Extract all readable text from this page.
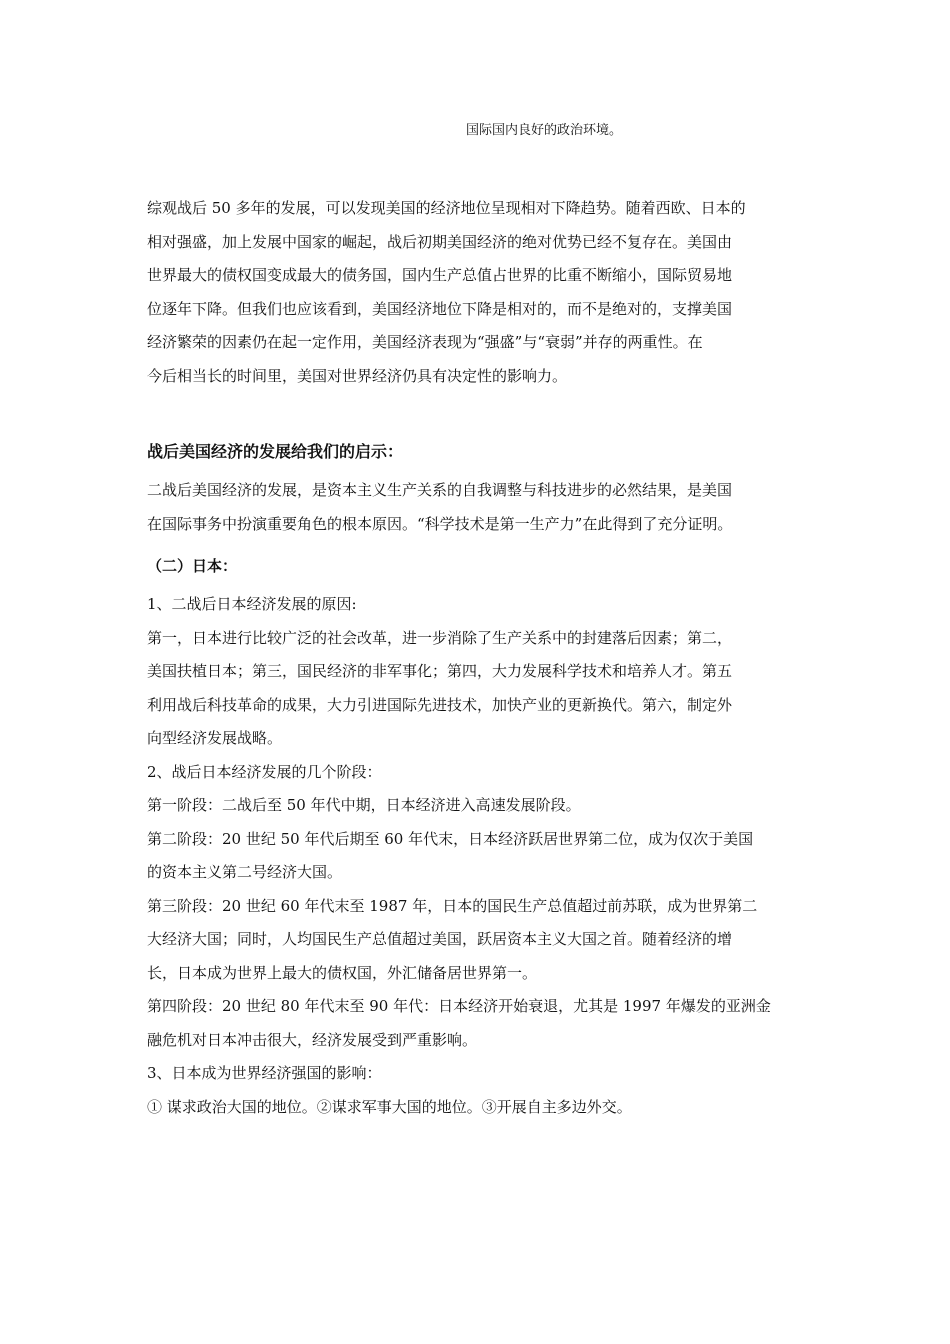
国际国内良好的政治环境。

综观战后 50 多年的发展，可以发现美国的经济地位呈现相对下降趋势。随着西欧、日本的
相对强盛，加上发展中国家的崛起，战后初期美国经济的绝对优势已经不复存在。美国由
世界最大的债权国变成最大的债务国，国内生产总值占世界的比重不断缩小，国际贸易地
位逐年下降。但我们也应该看到，美国经济地位下降是相对的，而不是绝对的，支撑美国
经济繁荣的因素仍在起一定作用，美国经济表现为“强盛”与“衰弱”并存的两重性。在
今后相当长的时间里，美国对世界经济仍具有决定性的影响力。

战后美国经济的发展给我们的启示：

二战后美国经济的发展，是资本主义生产关系的自我调整与科技进步的必然结果，是美国
在国际事务中扮演重要角色的根本原因。“科学技术是第一生产力”在此得到了充分证明。

（二）日本：

1、二战后日本经济发展的原因:

第一，日本进行比较广泛的社会改革，进一步消除了生产关系中的封建落后因素；第二，
美国扶植日本；第三，国民经济的非军事化；第四，大力发展科学技术和培养人才。第五
利用战后科技革命的成果，大力引进国际先进技术，加快产业的更新换代。第六，制定外
向型经济发展战略。

2、战后日本经济发展的几个阶段：

第一阶段：二战后至 50 年代中期，日本经济进入高速发展阶段。

第二阶段：20 世纪 50 年代后期至 60 年代末，日本经济跃居世界第二位，成为仅次于美国
的资本主义第二号经济大国。

第三阶段：20 世纪 60 年代末至 1987 年，日本的国民生产总值超过前苏联，成为世界第二
大经济大国；同时，人均国民生产总值超过美国，跃居资本主义大国之首。随着经济的增
长，日本成为世界上最大的债权国，外汇储备居世界第一。

第四阶段：20 世纪 80 年代末至 90 年代：日本经济开始衰退，尤其是 1997 年爆发的亚洲金
融危机对日本冲击很大，经济发展受到严重影响。

3、日本成为世界经济强国的影响：

① 谋求政治大国的地位。②谋求军事大国的地位。③开展自主多边外交。
